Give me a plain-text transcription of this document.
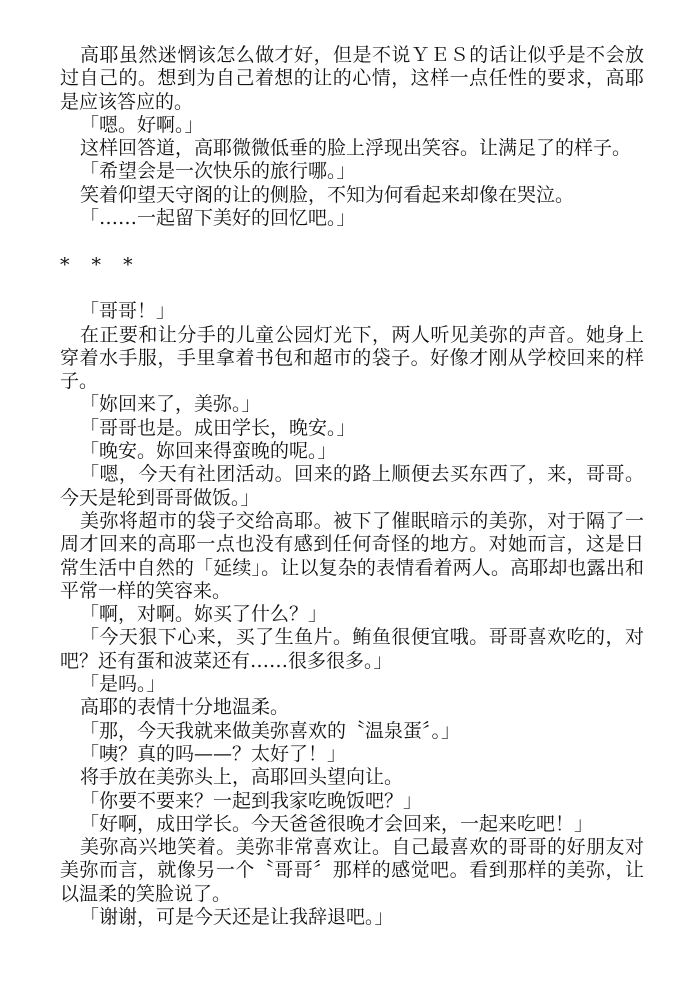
高耶虽然迷惘该怎么做才好，但是不说ＹＥＳ的话让似乎是不会放过自己的。想到为自己着想的让的心情，这样一点任性的要求，高耶是应该答应的。

「嗯。好啊。」

这样回答道，高耶微微低垂的脸上浮现出笑容。让满足了的样子。

「希望会是一次快乐的旅行哪。」

笑着仰望天守阁的让的侧脸，不知为何看起来却像在哭泣。

「……一起留下美好的回忆吧。」

* * *

「哥哥！」

在正要和让分手的儿童公园灯光下，两人听见美弥的声音。她身上穿着水手服，手里拿着书包和超市的袋子。好像才刚从学校回来的样子。

「妳回来了，美弥。」

「哥哥也是。成田学长，晚安。」

「晚安。妳回来得蛮晚的呢。」

「嗯，今天有社团活动。回来的路上顺便去买东西了，来，哥哥。今天是轮到哥哥做饭。」

美弥将超市的袋子交给高耶。被下了催眠暗示的美弥，对于隔了一周才回来的高耶一点也没有感到任何奇怪的地方。对她而言，这是日常生活中自然的「延续」。让以复杂的表情看着两人。高耶却也露出和平常一样的笑容来。

「啊，对啊。妳买了什么？」

「今天狠下心来，买了生鱼片。鲔鱼很便宜哦。哥哥喜欢吃的，对吧？还有蛋和波菜还有……很多很多。」

「是吗。」

高耶的表情十分地温柔。

「那，今天我就来做美弥喜欢的〝温泉蛋〞。」

「咦？真的吗——？太好了！」

将手放在美弥头上，高耶回头望向让。

「你要不要来？一起到我家吃晚饭吧？」

「好啊，成田学长。今天爸爸很晚才会回来，一起来吃吧！」

美弥高兴地笑着。美弥非常喜欢让。自己最喜欢的哥哥的好朋友对美弥而言，就像另一个〝哥哥〞那样的感觉吧。看到那样的美弥，让以温柔的笑脸说了。

「谢谢，可是今天还是让我辞退吧。」
